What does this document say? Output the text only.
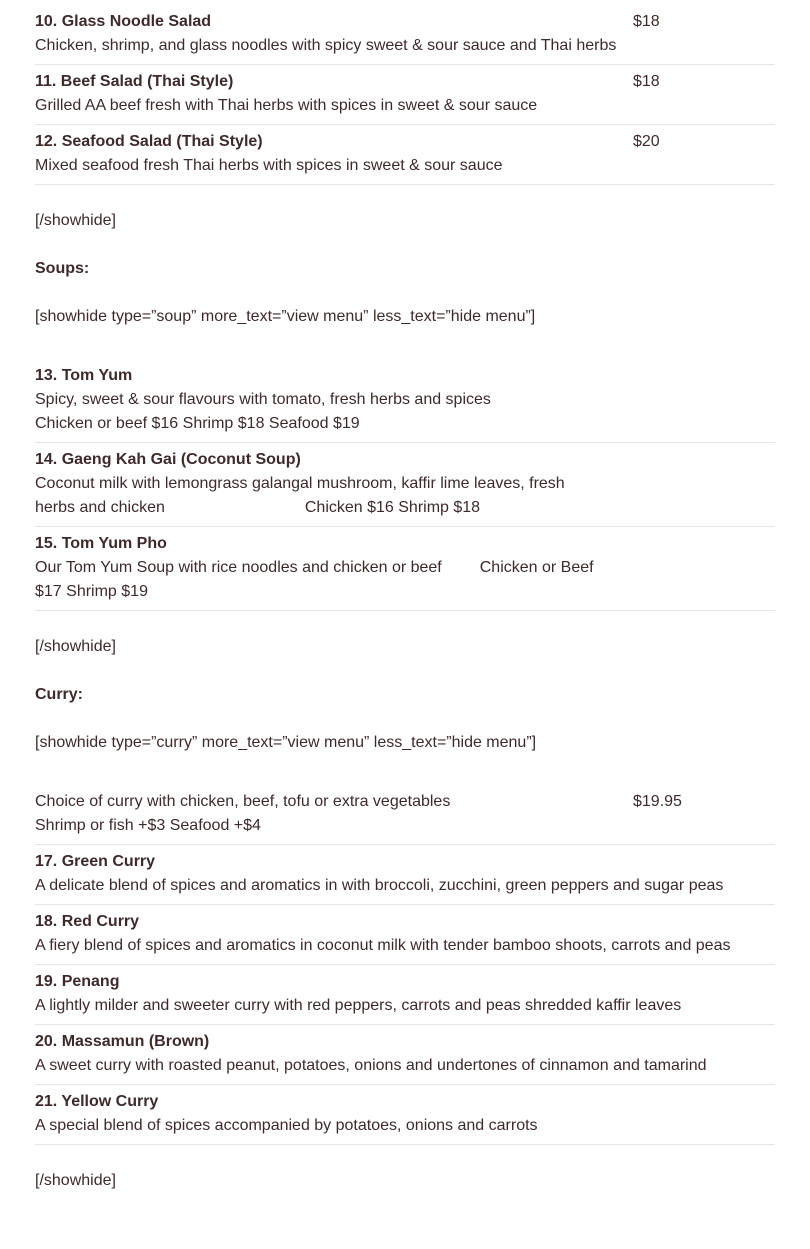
10. Glass Noodle Salad
Chicken, shrimp, and glass noodles with spicy sweet & sour sauce and Thai herbs	$18

11. Beef Salad (Thai Style)
Grilled AA beef fresh with Thai herbs with spices in sweet & sour sauce	$18

12. Seafood Salad (Thai Style)
Mixed seafood fresh Thai herbs with spices in sweet & sour sauce	$20

[/showhide]

Soups:

[showhide type=”soup” more_text=”view menu” less_text=”hide menu”]

13. Tom Yum
Spicy, sweet & sour flavours with tomato, fresh herbs and spices
Chicken or beef $16 Shrimp $18 Seafood $19

14. Gaeng Kah Gai (Coconut Soup)
Coconut milk with lemongrass galangal mushroom, kaffir lime leaves, fresh herbs and chicken	Chicken $16 Shrimp $18

15. Tom Yum Pho
Our Tom Yum Soup with rice noodles and chicken or beef Chicken or Beef $17 Shrimp $19

[/showhide]

Curry:

[showhide type=”curry” more_text=”view menu” less_text=”hide menu”]

Choice of curry with chicken, beef, tofu or extra vegetables
Shrimp or fish +$3 Seafood +$4
	$19.95

17. Green Curry
A delicate blend of spices and aromatics in with broccoli, zucchini, green peppers and sugar peas

18. Red Curry
A fiery blend of spices and aromatics in coconut milk with tender bamboo shoots, carrots and peas

19. Penang
A lightly milder and sweeter curry with red peppers, carrots and peas shredded kaffir leaves

20. Massamun (Brown)
A sweet curry with roasted peanut, potatoes, onions and undertones of cinnamon and tamarind

21. Yellow Curry
A special blend of spices accompanied by potatoes, onions and carrots

[/showhide]
